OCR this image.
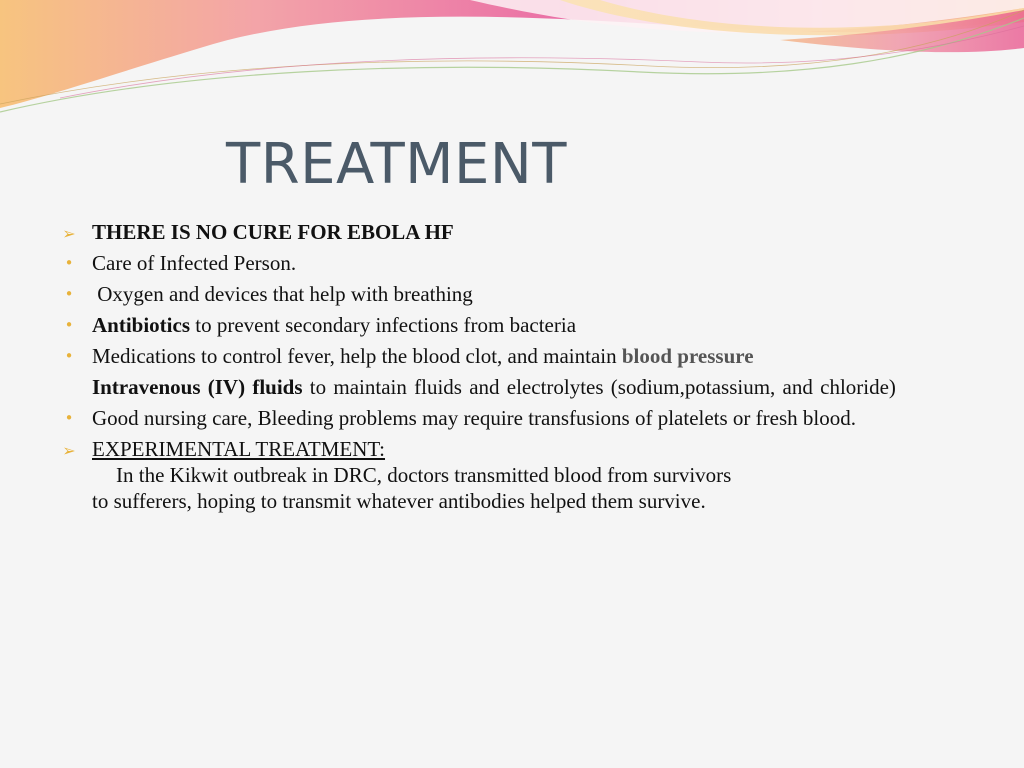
TREATMENT
➢ THERE IS NO CURE FOR EBOLA HF
• Care of Infected Person.
• Oxygen and devices that help with breathing
• Antibiotics to prevent secondary infections from bacteria
• Medications to control fever, help the blood clot, and maintain blood pressure
Intravenous (IV) fluids to maintain fluids and electrolytes (sodium,potassium, and chloride)
• Good nursing care, Bleeding problems may require transfusions of platelets or fresh blood.
➢ EXPERIMENTAL TREATMENT:
In the Kikwit outbreak in DRC, doctors transmitted blood from survivors
to sufferers, hoping to transmit whatever antibodies helped them survive.
